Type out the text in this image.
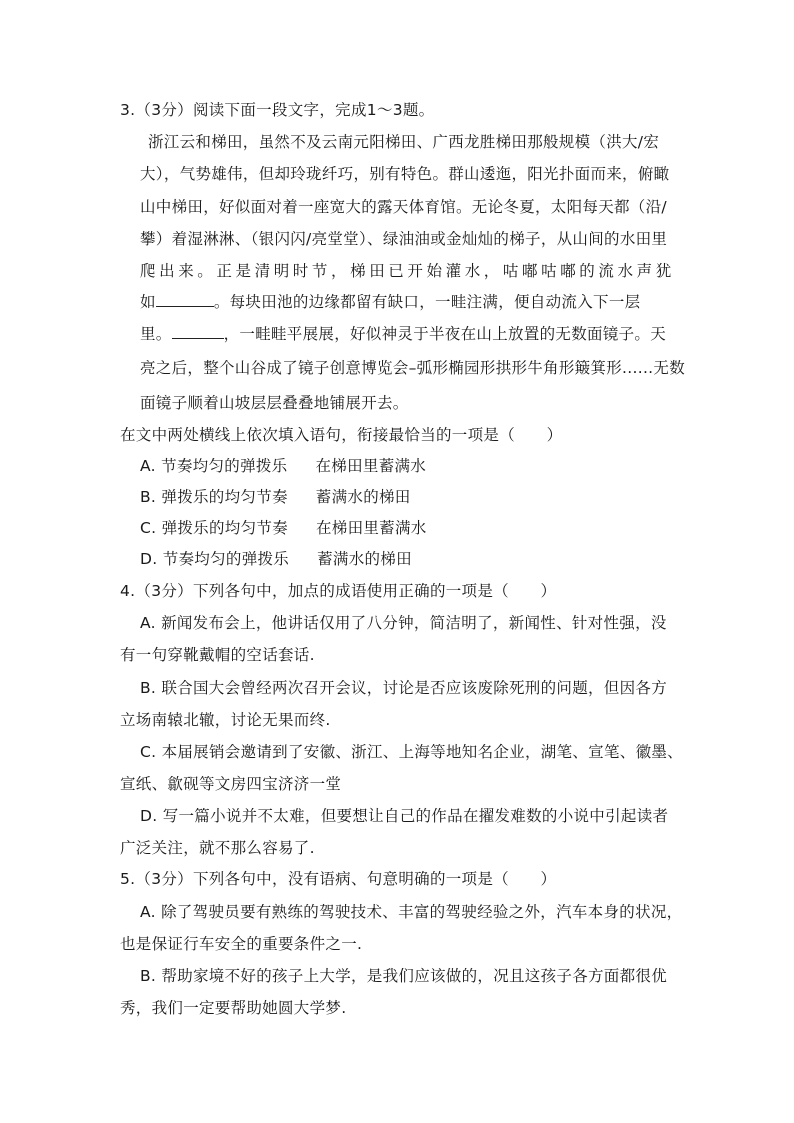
3.（3分）阅读下面一段文字，完成1～3题。
浙江云和梯田，虽然不及云南元阳梯田、广西龙胜梯田那般规模（洪大/宏
大），气势雄伟，但却玲珑纤巧，别有特色。群山逶迤，阳光扑面而来，俯瞰
山中梯田，好似面对着一座宽大的露天体育馆。无论冬夏，太阳每天都（沿/
攀）着湿淋淋、（银闪闪/亮堂堂）、绿油油或金灿灿的梯子，从山间的水田里
爬出来。正是清明时节，梯田已开始灌水，咕嘟咕嘟的流水声犹
如	。每块田池的边缘都留有缺口，一畦注满，便自动流入下一层
里。	，一畦畦平展展，好似神灵于半夜在山上放置的无数面镜子。天
亮之后，整个山谷成了镜子创意博览会–弧形椭园形拱形牛角形簸箕形......无数
面镜子顺着山坡层层叠叠地铺展开去。
在文中两处横线上依次填入语句，衔接最恰当的一项是（　　）
A. 节奏均匀的弹拨乐 在梯田里蓄满水
B. 弹拨乐的均匀节奏 蓄满水的梯田
C. 弹拨乐的均匀节奏 在梯田里蓄满水
D. 节奏均匀的弹拨乐 蓄满水的梯田
4.（3分）下列各句中，加点的成语使用正确的一项是（　　）
A. 新闻发布会上，他讲话仅用了八分钟，简洁明了，新闻性、针对性强，没
有一句穿靴戴帽的空话套话.
B. 联合国大会曾经两次召开会议，讨论是否应该废除死刑的问题，但因各方
立场南辕北辙，讨论无果而终.
C. 本届展销会邀请到了安徽、浙江、上海等地知名企业，湖笔、宣笔、徽墨、
宣纸、歙砚等文房四宝济济一堂
D. 写一篇小说并不太难，但要想让自己的作品在擢发难数的小说中引起读者
广泛关注，就不那么容易了.
5.（3分）下列各句中，没有语病、句意明确的一项是（　　）
A. 除了驾驶员要有熟练的驾驶技术、丰富的驾驶经验之外，汽车本身的状况，
也是保证行车安全的重要条件之一.
B. 帮助家境不好的孩子上大学，是我们应该做的，况且这孩子各方面都很优
秀，我们一定要帮助她圆大学梦.
